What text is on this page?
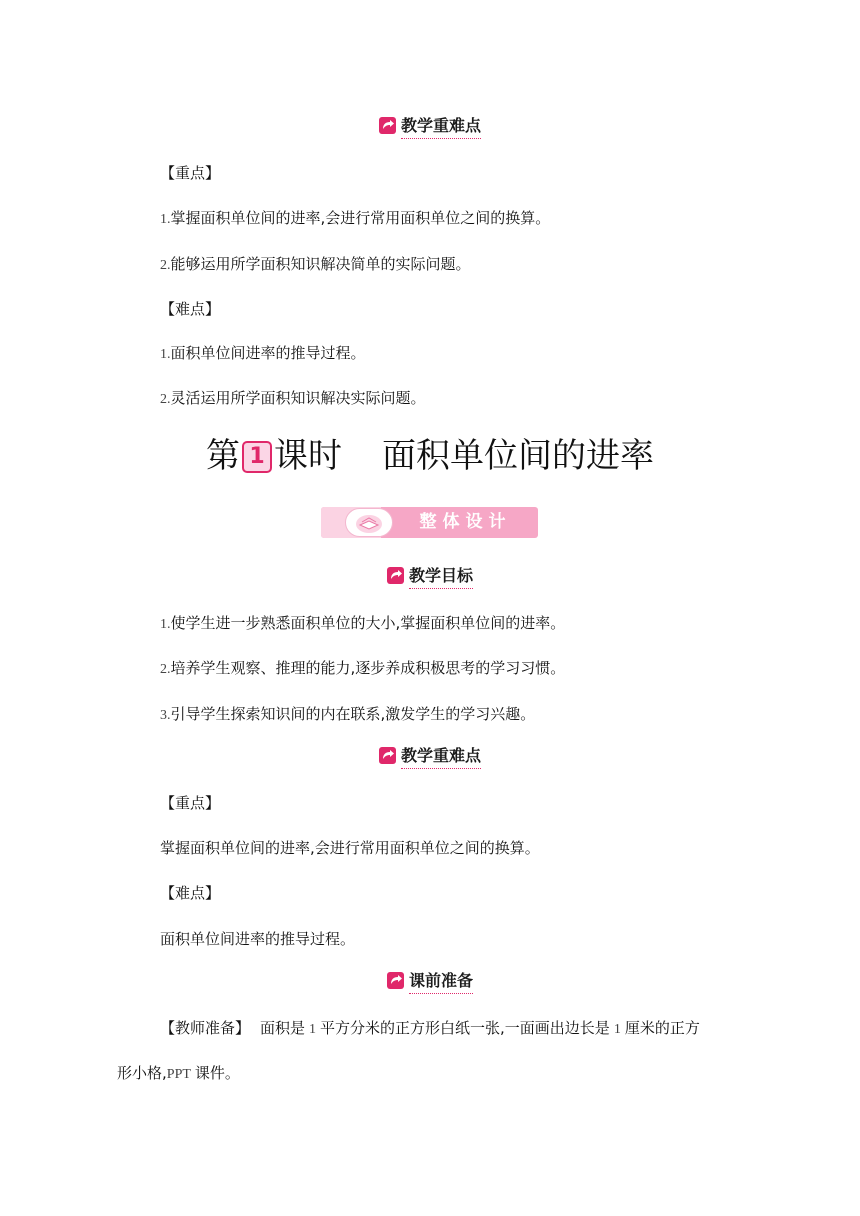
教学重难点
【重点】
1.掌握面积单位间的进率,会进行常用面积单位之间的换算。
2.能够运用所学面积知识解决简单的实际问题。
【难点】
1.面积单位间进率的推导过程。
2.灵活运用所学面积知识解决实际问题。
第 1 课时 面积单位间的进率
整体设计
教学目标
1.使学生进一步熟悉面积单位的大小,掌握面积单位间的进率。
2.培养学生观察、推理的能力,逐步养成积极思考的学习习惯。
3.引导学生探索知识间的内在联系,激发学生的学习兴趣。
教学重难点
【重点】
掌握面积单位间的进率,会进行常用面积单位之间的换算。
【难点】
面积单位间进率的推导过程。
课前准备
【教师准备】 面积是 1 平方分米的正方形白纸一张,一面画出边长是 1 厘米的正方
形小格,PPT 课件。
